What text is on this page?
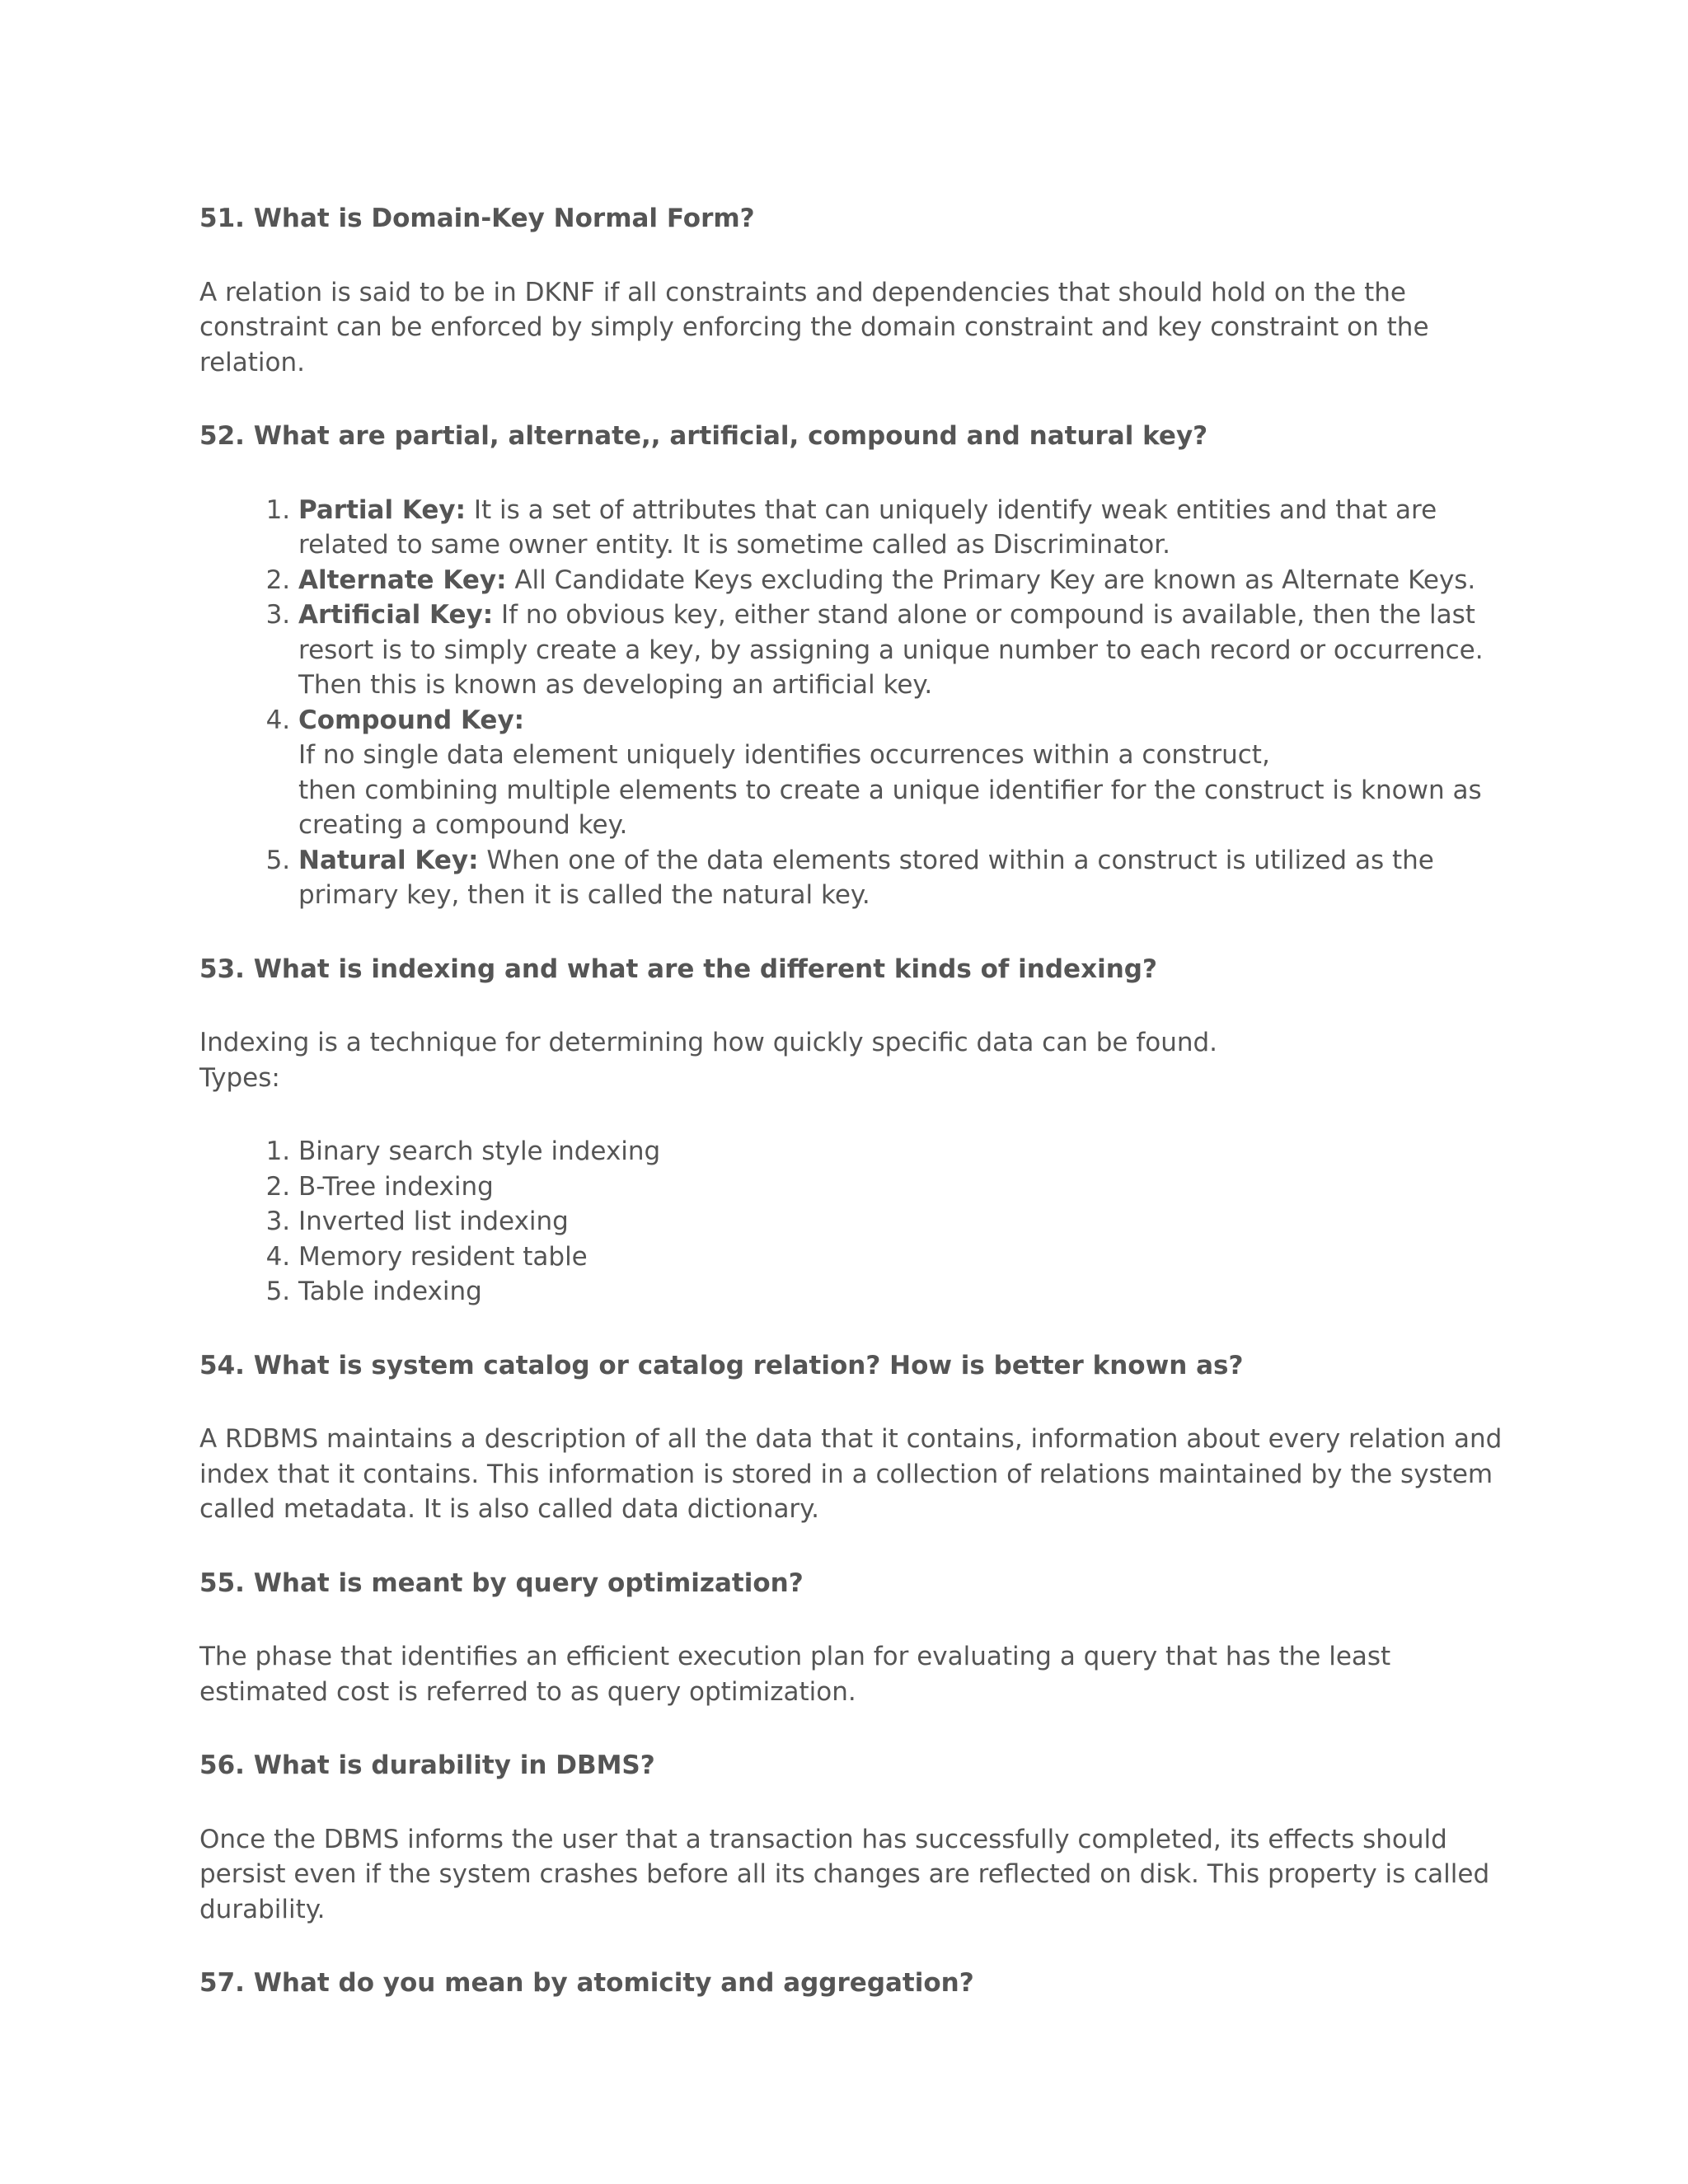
51. What is Domain-Key Normal Form?

A relation is said to be in DKNF if all constraints and dependencies that should hold on the the
constraint can be enforced by simply enforcing the domain constraint and key constraint on the
relation.

52. What are partial, alternate,, artificial, compound and natural key?
1. Partial Key: It is a set of attributes that can uniquely identify weak entities and that are
related to same owner entity. It is sometime called as Discriminator.
2. Alternate Key: All Candidate Keys excluding the Primary Key are known as Alternate Keys.
3. Artificial Key: If no obvious key, either stand alone or compound is available, then the last
resort is to simply create a key, by assigning a unique number to each record or occurrence.
Then this is known as developing an artificial key.
4. Compound Key: If no single data element uniquely identifies occurrences within a construct,
then combining multiple elements to create a unique identifier for the construct is known as
creating a compound key.
5. Natural Key: When one of the data elements stored within a construct is utilized as the
primary key, then it is called the natural key.
53. What is indexing and what are the different kinds of indexing?

Indexing is a technique for determining how quickly specific data can be found.
Types:

1. Binary search style indexing
2. B-Tree indexing
3. Inverted list indexing
4. Memory resident table
5. Table indexing
54. What is system catalog or catalog relation? How is better known as?

A RDBMS maintains a description of all the data that it contains, information about every relation and
index that it contains. This information is stored in a collection of relations maintained by the system
called metadata. It is also called data dictionary.

55. What is meant by query optimization?

The phase that identifies an efficient execution plan for evaluating a query that has the least
estimated cost is referred to as query optimization.

56. What is durability in DBMS?

Once the DBMS informs the user that a transaction has successfully completed, its effects should
persist even if the system crashes before all its changes are reflected on disk. This property is called
durability.

57. What do you mean by atomicity and aggregation?
